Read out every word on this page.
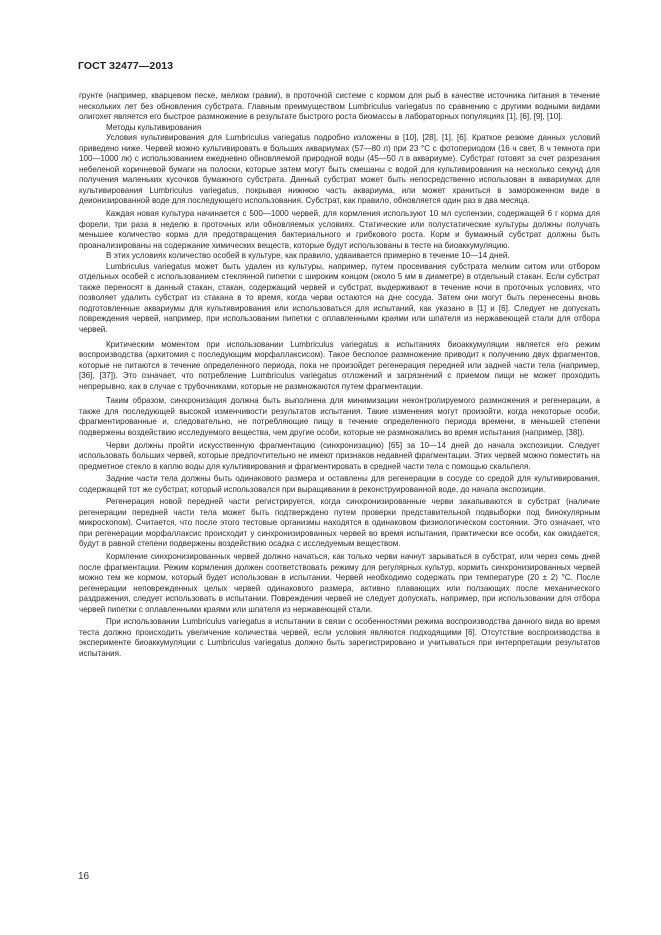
ГОСТ 32477—2013

грунте (например, кварцевом песке, мелком гравии), в проточной системе с кормом для рыб в качестве источника питания в течение нескольких лет без обновления субстрата. Главным преимуществом Lumbriculus variegatus по сравнению с другими водными видами олигохет является его быстрое размножение в результате быстрого роста биомассы в лабораторных популяциях [1], [6], [9], [10].

Методы культивирования

Условия культивирования для Lumbriculus variegatus подробно изложены в [10], [28], [1], [6]. Краткое резюме данных условий приведено ниже. Червей можно культивировать в больших аквариумах (57—80 л) при 23 °С с фотопериодом (16 ч свет, 8 ч темнота при 100—1000 лк) с использованием ежедневно обновляемой природной воды (45—50 л в аквариуме). Субстрат готовят за счет разрезания небеленой коричневой бумаги на полоски, которые затем могут быть смешаны с водой для культивирования на несколько секунд для получения маленьких кусочков бумажного субстрата. Данный субстрат может быть непосредственно использован в аквариумах для культивирования Lumbriculus variegatus, покрывая нижнюю часть аквариума, или может храниться в замороженном виде в деионизированной воде для последующего использования. Субстрат, как правило, обновляется один раз в два месяца.

Каждая новая культура начинается с 500—1000 червей, для кормления используют 10 мл суспензии, содержащей 6 г корма для форели, три раза в неделю в проточных или обновляемых условиях. Статические или полустатические культуры должны получать меньшее количество корма для предотвращения бактериального и грибкового роста. Корм и бумажный субстрат должны быть проанализированы на содержание химических веществ, которые будут использованы в тесте на биоаккумуляцию.

В этих условиях количество особей в культуре, как правило, удваивается примерно в течение 10—14 дней.

Lumbriculus variegatus может быть удален из культуры, например, путем просеивания субстрата мелким ситом или отбором отдельных особей с использованием стеклянной пипетки с широким концом (около 5 мм в диаметре) в отдельный стакан. Если субстрат также переносят в данный стакан, стакан, содержащий червей и субстрат, выдерживают в течение ночи в проточных условиях, что позволяет удалить субстрат из стакана в то время, когда черви остаются на дне сосуда. Затем они могут быть перенесены вновь подготовленные аквариумы для культивирования или использоваться для испытаний, как указано в [1] и [6]. Следует не допускать повреждения червей, например, при использовании пипетки с оплавленными краями или шпателя из нержавеющей стали для отбора червей.

Критическим моментом при использовании Lumbriculus variegatus в испытаниях биоаккумуляции является его режим воспроизводства (архитомия с последующим морфаллаксисом). Такое бесполое размножение приводит к получению двух фрагментов, которые не питаются в течение определенного периода, пока не произойдет регенерация передней или задней части тела (например, [36], [37]). Это означает, что потребление Lumbriculus variegatus отложений и загрязнений с приемом пищи не может проходить непрерывно, как в случае с трубочниками, которые не размножаются путем фрагментации.

Таким образом, синхронизация должна быть выполнена для минимизации неконтролируемого размножения и регенерации, а также для последующей высокой изменчивости результатов испытания. Такие изменения могут произойти, когда некоторые особи, фрагментированные и, следовательно, не потребляющие пищу в течение определенного периода времени, в меньшей степени подвержены воздействию исследуемого вещества, чем другие особи, которые не размножались во время испытания (например, [38]).

Черви должны пройти искусственную фрагментацию (синхронизацию) [65] за 10—14 дней до начала экспозиции. Следует использовать больших червей, которые предпочтительно не имеют признаков недавней фрагментации. Этих червей можно поместить на предметное стекло в каплю воды для культивирования и фрагментировать в средней части тела с помощью скальпеля.

Задние части тела должны быть одинакового размера и оставлены для регенерации в сосуде со средой для культивирования, содержащей тот же субстрат, который использовался при выращивании в реконструированной воде, до начала экспозиции.

Регенерация новой передней части регистрируется, когда синхронизированные черви закапываются в субстрат (наличие регенерации передней части тела может быть подтверждено путем проверки представительной подвыборки под бинокулярным микроскопом). Считается, что после этого тестовые организмы находятся в одинаковом физиологическом состоянии. Это означает, что при регенерации морфаллаксис происходит у синхронизированных червей во время испытания, практически все особи, как ожидается, будут в равной степени подвержены воздействию осадка с исследуемым веществом.

Кормление синхронизированных червей должно начаться, как только черви начнут зарываться в субстрат, или через семь дней после фрагментации. Режим кормления должен соответствовать режиму для регулярных культур, кормить синхронизированных червей можно тем же кормом, который будет использован в испытании. Червей необходимо содержать при температуре (20 ± 2) °С. После регенерации неповрежденных целых червей одинакового размера, активно плавающих или ползающих после механического раздражения, следует использовать в испытании. Повреждения червей не следует допускать, например, при использовании для отбора червей пипетки с оплавленными краями или шпателя из нержавеющей стали.

При использовании Lumbriculus variegatus в испытании в связи с особенностями режима воспроизводства данного вида во время теста должно происходить увеличение количества червей, если условия являются подходящими [6]. Отсутствие воспроизводства в эксперименте биоаккумуляции с Lumbriculus variegatus должно быть зарегистрировано и учитываться при интерпретации результатов испытания.

16
